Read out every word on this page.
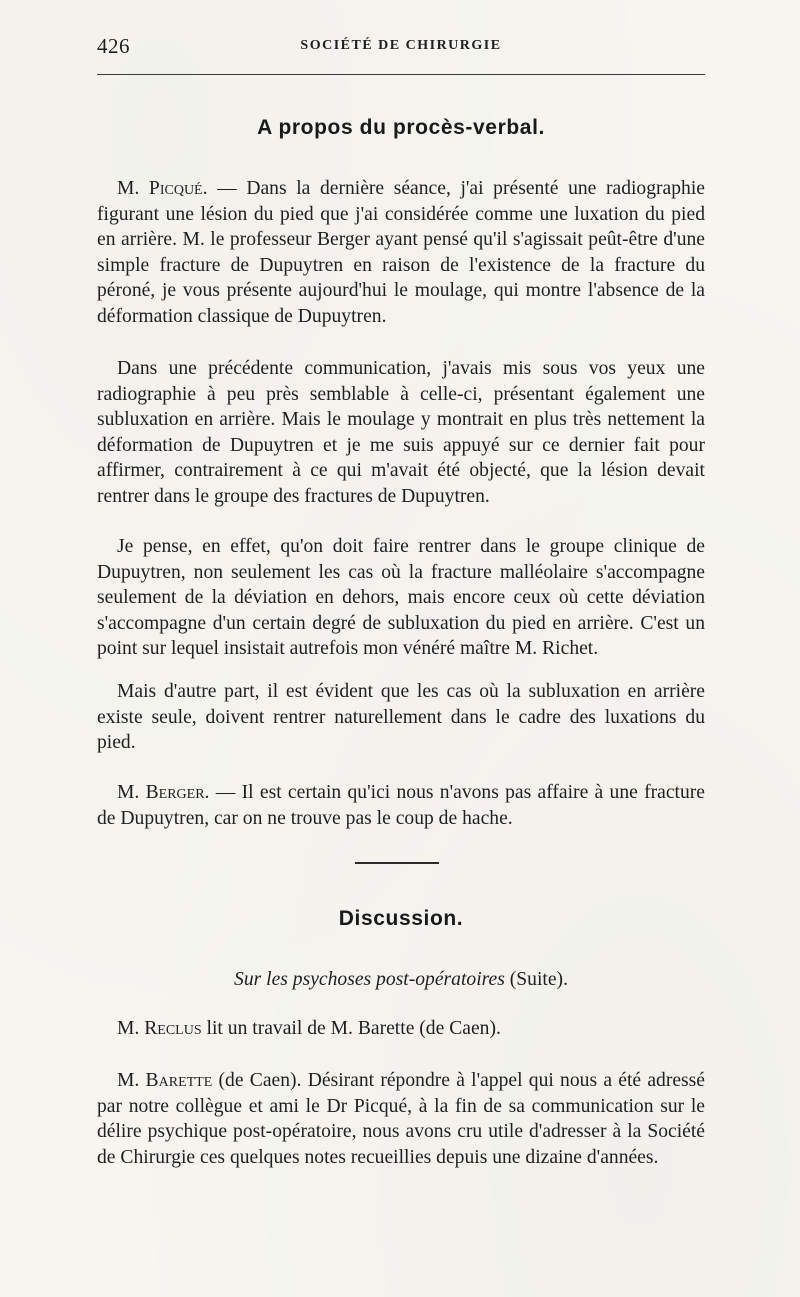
426	SOCIÉTÉ DE CHIRURGIE
A propos du procès-verbal.

M. Picqué. — Dans la dernière séance, j'ai présenté une radiographie figurant une lésion du pied que j'ai considérée comme une luxation du pied en arrière. M. le professeur Berger ayant pensé qu'il s'agissait peût-être d'une simple fracture de Dupuytren en raison de l'existence de la fracture du péroné, je vous présente aujourd'hui le moulage, qui montre l'absence de la déformation classique de Dupuytren.

Dans une précédente communication, j'avais mis sous vos yeux une radiographie à peu près semblable à celle-ci, présentant également une subluxation en arrière. Mais le moulage y montrait en plus très nettement la déformation de Dupuytren et je me suis appuyé sur ce dernier fait pour affirmer, contrairement à ce qui m'avait été objecté, que la lésion devait rentrer dans le groupe des fractures de Dupuytren.

Je pense, en effet, qu'on doit faire rentrer dans le groupe clinique de Dupuytren, non seulement les cas où la fracture malléolaire s'accompagne seulement de la déviation en dehors, mais encore ceux où cette déviation s'accompagne d'un certain degré de subluxation du pied en arrière. C'est un point sur lequel insistait autrefois mon vénéré maître M. Richet.

Mais d'autre part, il est évident que les cas où la subluxation en arrière existe seule, doivent rentrer naturellement dans le cadre des luxations du pied.

M. Berger. — Il est certain qu'ici nous n'avons pas affaire à une fracture de Dupuytren, car on ne trouve pas le coup de hache.

Discussion.

Sur les psychoses post-opératoires (Suite).

M. Reclus lit un travail de M. Barette (de Caen).

M. Barette (de Caen). Désirant répondre à l'appel qui nous a été adressé par notre collègue et ami le Dr Picqué, à la fin de sa communication sur le délire psychique post-opératoire, nous avons cru utile d'adresser à la Société de Chirurgie ces quelques notes recueillies depuis une dizaine d'années.
